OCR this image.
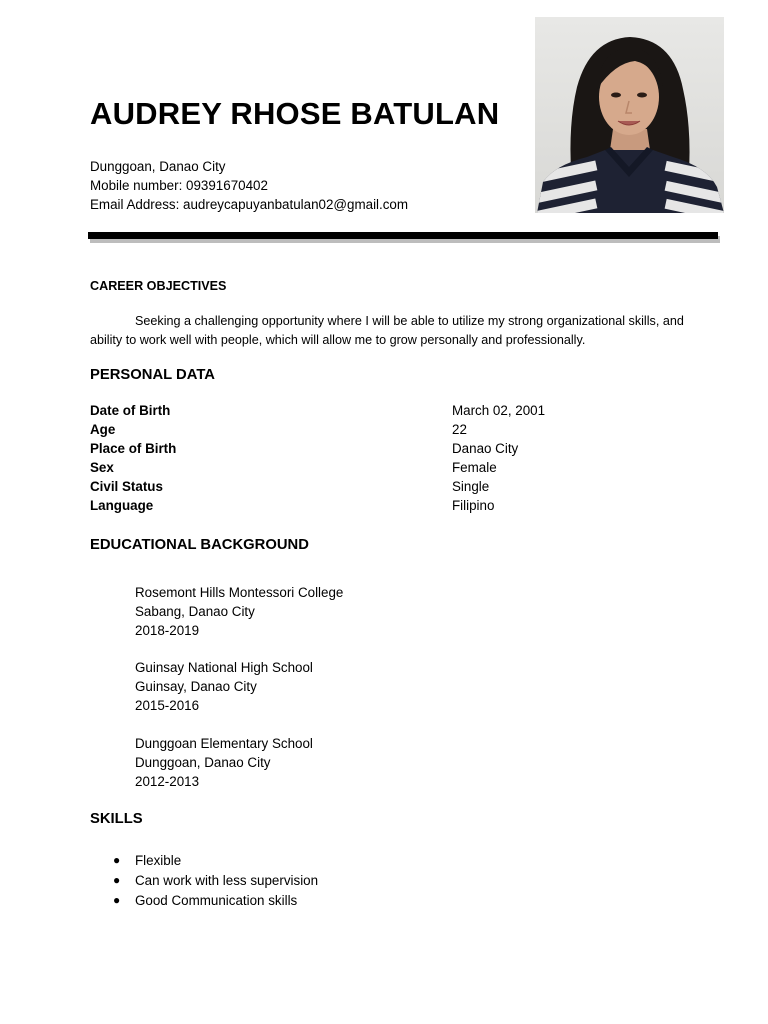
AUDREY RHOSE BATULAN
Dunggoan, Danao City
Mobile number: 09391670402
Email Address: audreycapuyanbatulan02@gmail.com
CAREER OBJECTIVES
Seeking a challenging opportunity where I will be able to utilize my strong organizational skills, and ability to work well with people, which will allow me to grow personally and professionally.
PERSONAL DATA
Date of Birth	March 02, 2001
Age	22
Place of Birth	Danao City
Sex	Female
Civil Status	Single
Language	Filipino
EDUCATIONAL BACKGROUND
Rosemont Hills Montessori College
Sabang, Danao City
2018-2019
Guinsay National High School
Guinsay, Danao City
2015-2016
Dunggoan Elementary School
Dunggoan, Danao City
2012-2013
SKILLS
● Flexible
● Can work with less supervision
● Good Communication skills
